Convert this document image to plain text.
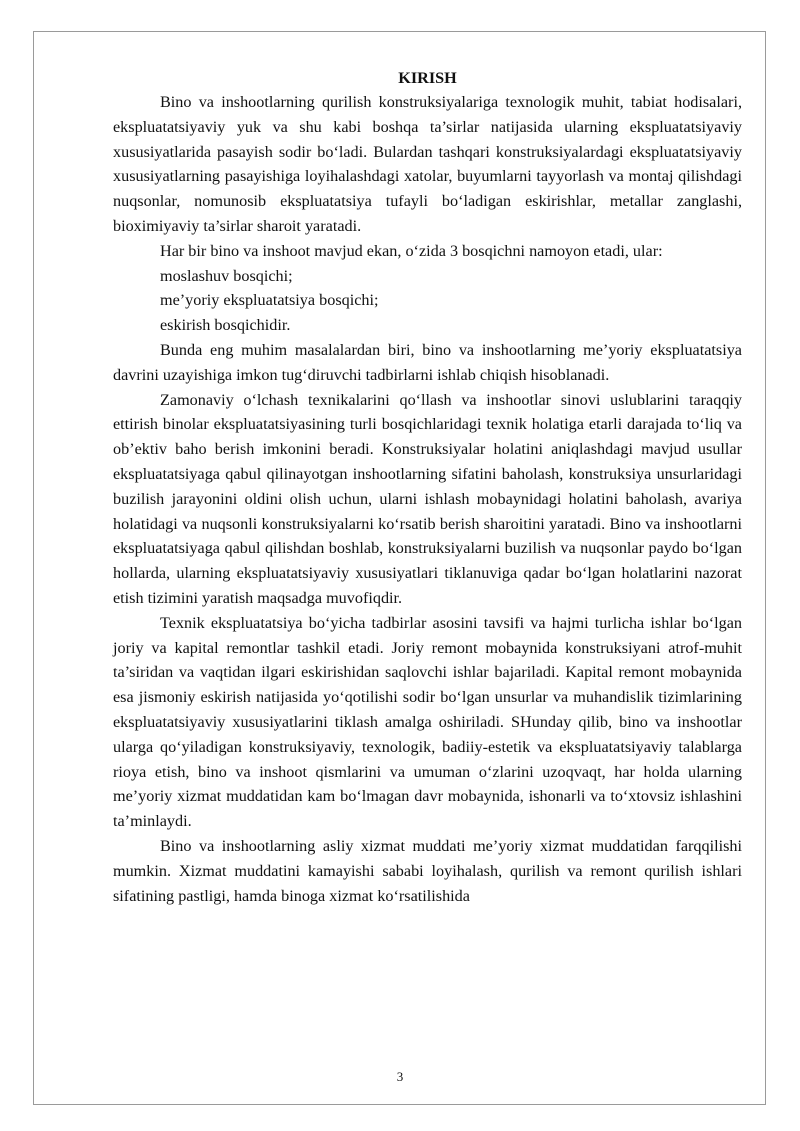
KIRISH

Bino va inshootlarning qurilish konstruksiyalariga texnologik muhit, tabiat hodisalari, ekspluatatsiyaviy yuk va shu kabi boshqa ta’sirlar natijasida ularning ekspluatatsiyaviy xususiyatlarida pasayish sodir bo‘ladi. Bulardan tashqari konstruksiyalardagi ekspluatatsiyaviy xususiyatlarning pasayishiga loyihalashdagi xatolar, buyumlarni tayyorlash va montaj qilishdagi nuqsonlar, nomunosib ekspluatatsiya tufayli bo‘ladigan eskirishlar, metallar zanglashi, bioximiyaviy ta’sirlar sharoit yaratadi.

Har bir bino va inshoot mavjud ekan, o‘zida 3 bosqichni namoyon etadi, ular:

moslashuv bosqichi;

me’yoriy ekspluatatsiya bosqichi;

eskirish bosqichidir.

Bunda eng muhim masalalardan biri, bino va inshootlarning me’yoriy ekspluatatsiya davrini uzayishiga imkon tug‘diruvchi tadbirlarni ishlab chiqish hisoblanadi.

Zamonaviy o‘lchash texnikalarini qo‘llash va inshootlar sinovi uslublarini taraqqiy ettirish binolar ekspluatatsiyasining turli bosqichlaridagi texnik holatiga etarli darajada to‘liq va ob’ektiv baho berish imkonini beradi. Konstruksiyalar holatini aniqlashdagi mavjud usullar ekspluatatsiyaga qabul qilinayotgan inshootlarning sifatini baholash, konstruksiya unsurlaridagi buzilish jarayonini oldini olish uchun, ularni ishlash mobaynidagi holatini baholash, avariya holatidagi va nuqsonli konstruksiyalarni ko‘rsatib berish sharoitini yaratadi. Bino va inshootlarni ekspluatatsiyaga qabul qilishdan boshlab, konstruksiyalarni buzilish va nuqsonlar paydo bo‘lgan hollarda, ularning ekspluatatsiyaviy xususiyatlari tiklanuviga qadar bo‘lgan holatlarini nazorat etish tizimini yaratish maqsadga muvofiqdir.

Texnik ekspluatatsiya bo‘yicha tadbirlar asosini tavsifi va hajmi turlicha ishlar bo‘lgan joriy va kapital remontlar tashkil etadi. Joriy remont mobaynida konstruksiyani atrof-muhit ta’siridan va vaqtidan ilgari eskirishidan saqlovchi ishlar bajariladi. Kapital remont mobaynida esa jismoniy eskirish natijasida yo‘qotilishi sodir bo‘lgan unsurlar va muhandislik tizimlarining ekspluatatsiyaviy xususiyatlarini tiklash amalga oshiriladi. SHunday qilib, bino va inshootlar ularga qo‘yiladigan konstruksiyaviy, texnologik, badiiy-estetik va ekspluatatsiyaviy talablarga rioya etish, bino va inshoot qismlarini va umuman o‘zlarini uzoqvaqt, har holda ularning me’yoriy xizmat muddatidan kam bo‘lmagan davr mobaynida, ishonarli va to‘xtovsiz ishlashini ta’minlaydi.

Bino va inshootlarning asliy xizmat muddati me’yoriy xizmat muddatidan farqqilishi mumkin. Xizmat muddatini kamayishi sababi loyihalash, qurilish va remont qurilish ishlari sifatining pastligi, hamda binoga xizmat ko‘rsatilishida

3
